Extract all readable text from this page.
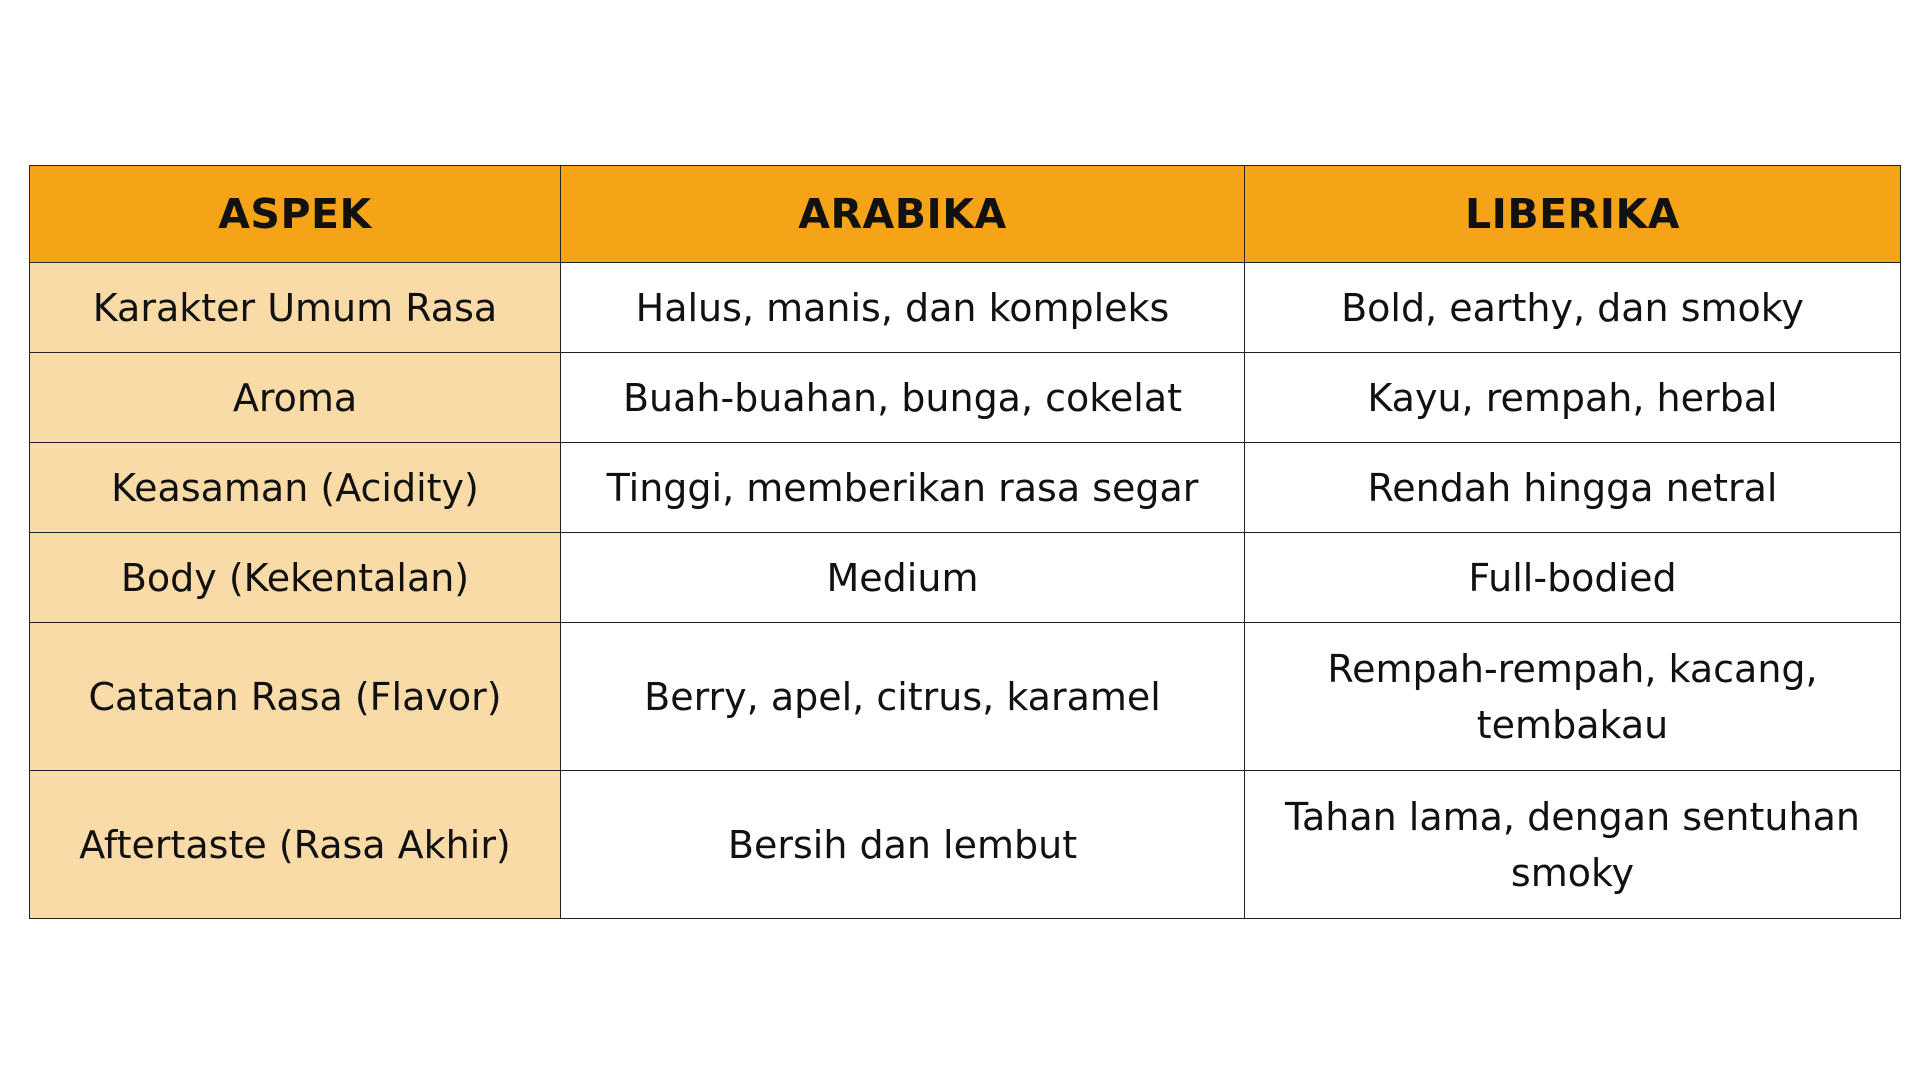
ASPEK	ARABIKA	LIBERIKA
Karakter Umum Rasa	Halus, manis, dan kompleks	Bold, earthy, dan smoky
Aroma	Buah-buahan, bunga, cokelat	Kayu, rempah, herbal
Keasaman (Acidity)	Tinggi, memberikan rasa segar	Rendah hingga netral
Body (Kekentalan)	Medium	Full-bodied
Catatan Rasa (Flavor)	Berry, apel, citrus, karamel	Rempah-rempah, kacang, tembakau
Aftertaste (Rasa Akhir)	Bersih dan lembut	Tahan lama, dengan sentuhan smoky
